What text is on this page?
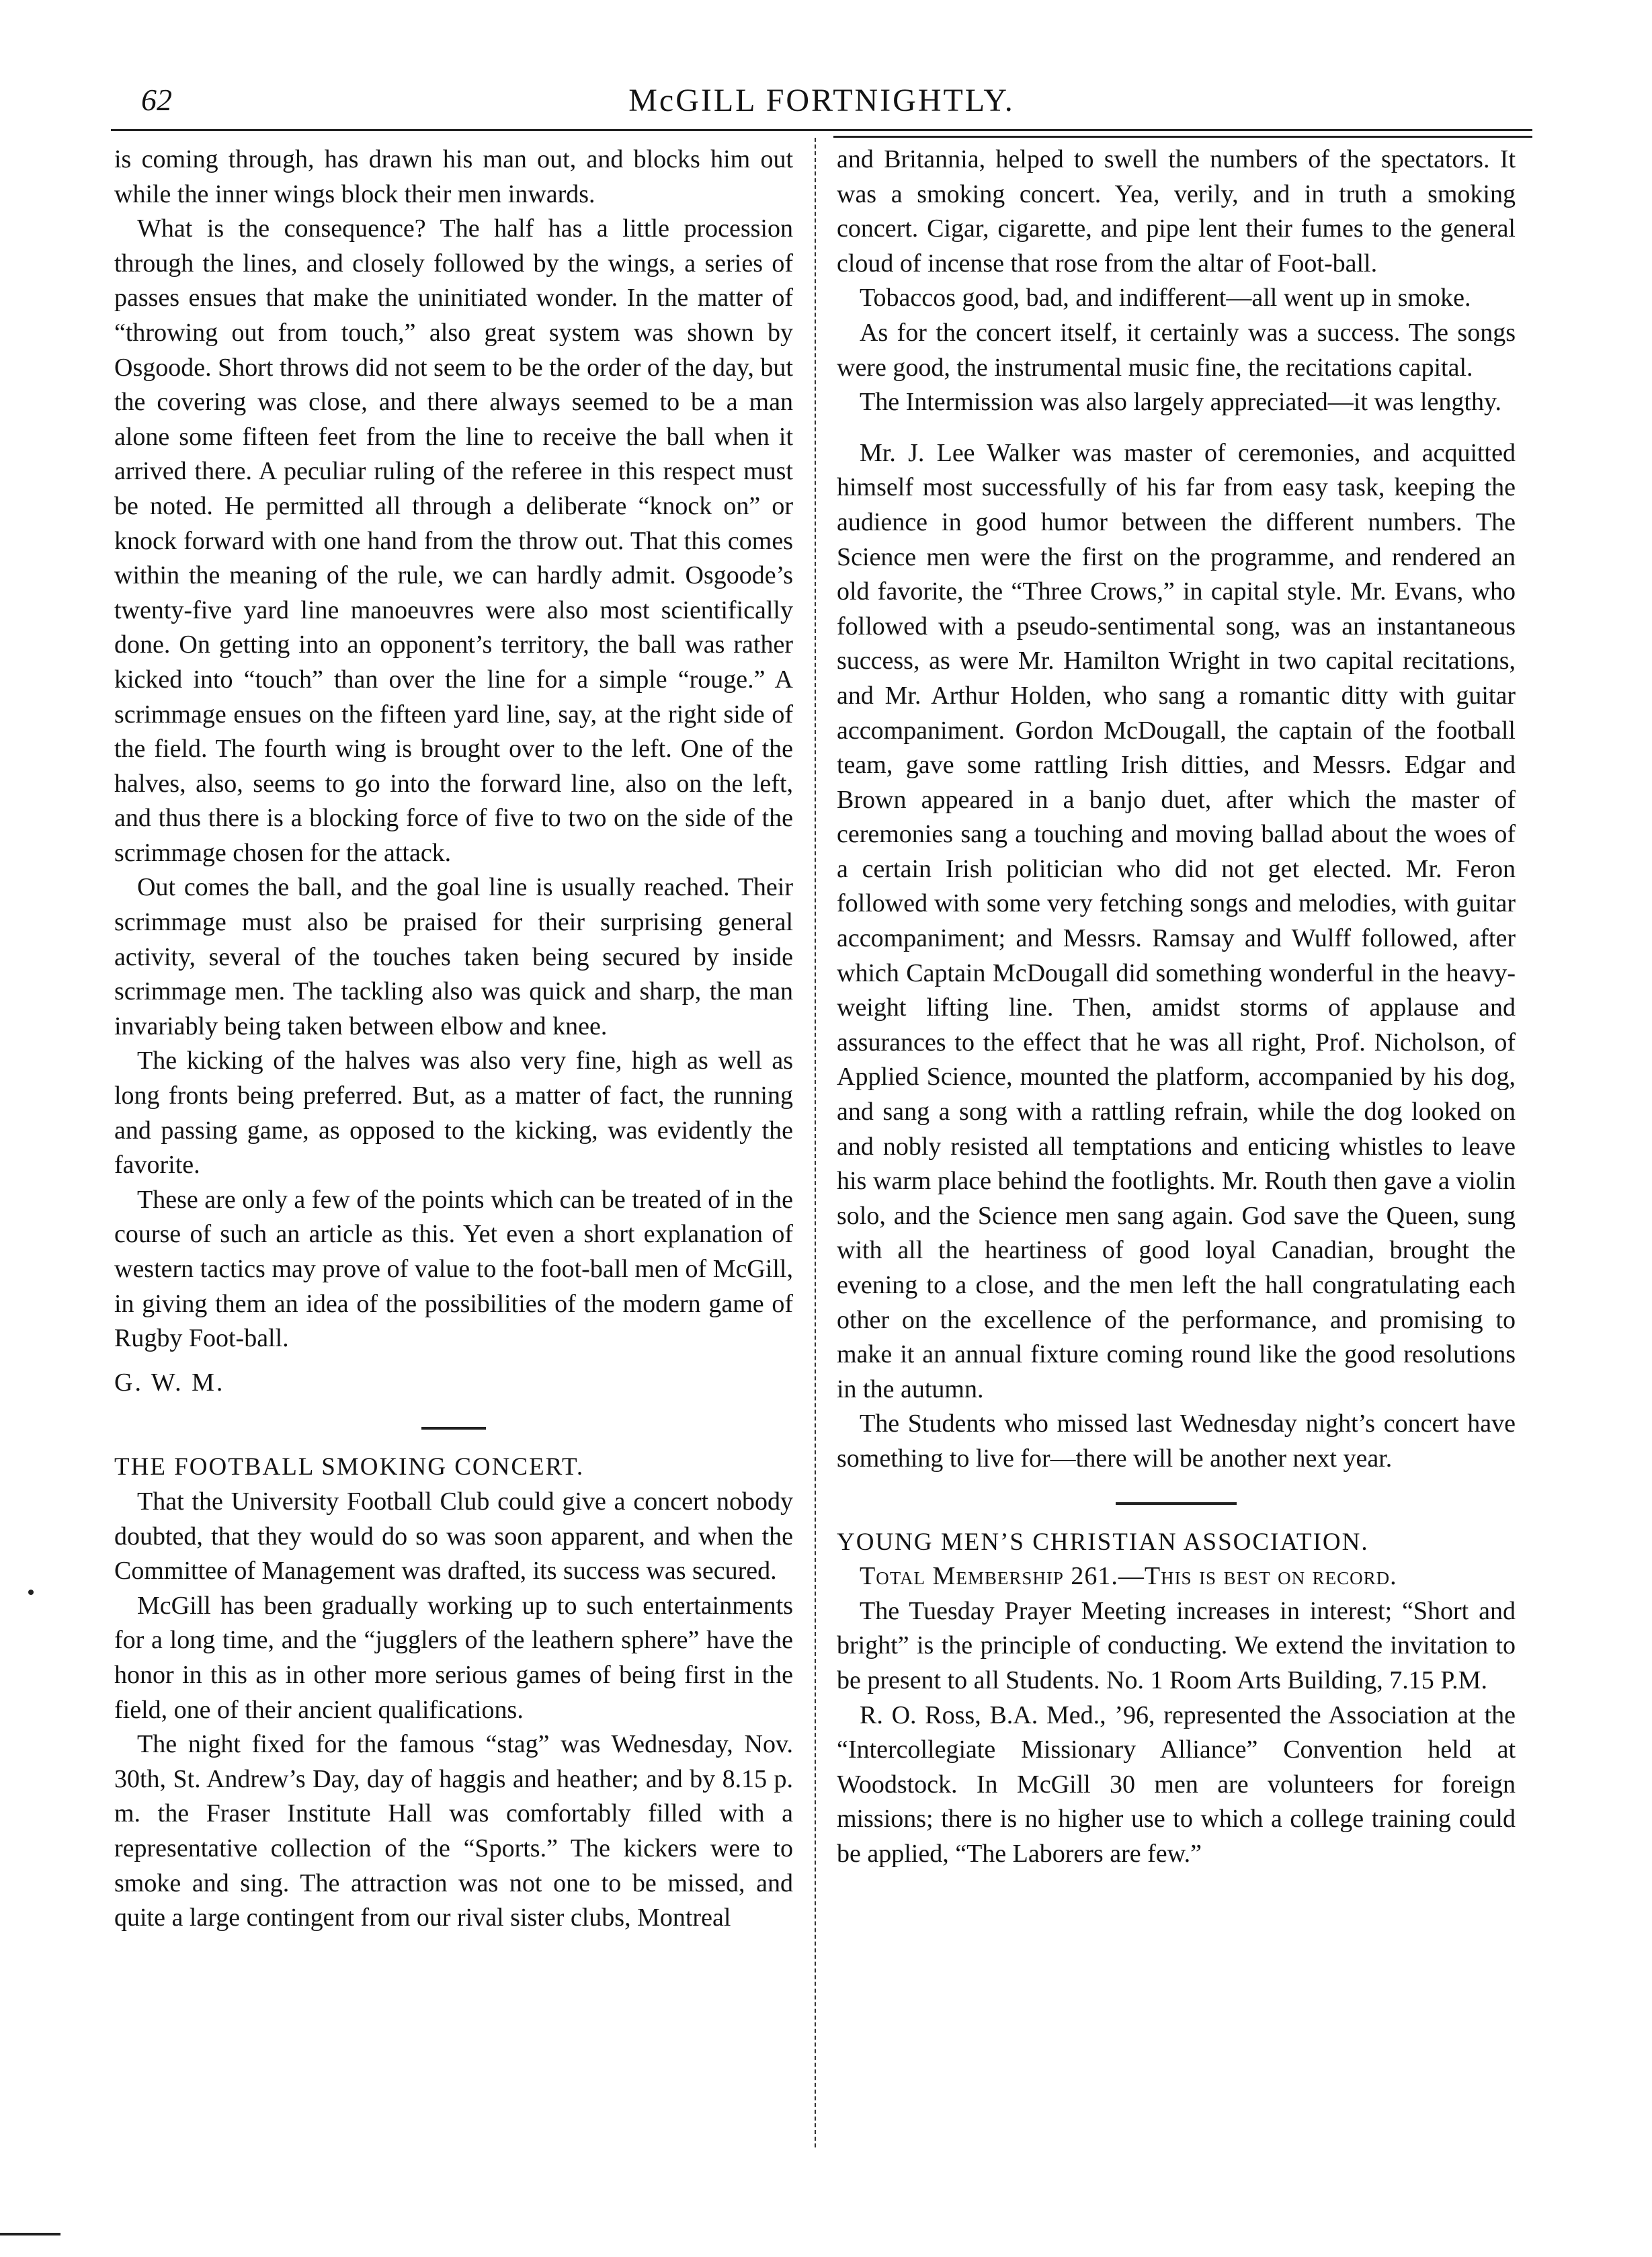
62	McGILL FORTNIGHTLY.

is coming through, has drawn his man out, and blocks him out while the inner wings block their men inwards.

What is the consequence? The half has a little procession through the lines, and closely followed by the wings, a series of passes ensues that make the uninitiated wonder. In the matter of “throwing out from touch,” also great system was shown by Osgoode. Short throws did not seem to be the order of the day, but the covering was close, and there always seemed to be a man alone some fifteen feet from the line to receive the ball when it arrived there. A peculiar ruling of the referee in this respect must be noted. He permitted all through a deliberate “knock on” or knock forward with one hand from the throw out. That this comes within the meaning of the rule, we can hardly admit. Osgoode’s twenty-five yard line manoeuvres were also most scientifically done. On getting into an opponent’s territory, the ball was rather kicked into “touch” than over the line for a simple “rouge.” A scrimmage ensues on the fifteen yard line, say, at the right side of the field. The fourth wing is brought over to the left. One of the halves, also, seems to go into the forward line, also on the left, and thus there is a blocking force of five to two on the side of the scrimmage chosen for the attack.

Out comes the ball, and the goal line is usually reached. Their scrimmage must also be praised for their surprising general activity, several of the touches taken being secured by inside scrimmage men. The tackling also was quick and sharp, the man invariably being taken between elbow and knee.

The kicking of the halves was also very fine, high as well as long fronts being preferred. But, as a matter of fact, the running and passing game, as opposed to the kicking, was evidently the favorite.

These are only a few of the points which can be treated of in the course of such an article as this. Yet even a short explanation of western tactics may prove of value to the foot-ball men of McGill, in giving them an idea of the possibilities of the modern game of Rugby Foot-ball.

G. W. M.

THE FOOTBALL SMOKING CONCERT.

That the University Football Club could give a concert nobody doubted, that they would do so was soon apparent, and when the Committee of Management was drafted, its success was secured.

McGill has been gradually working up to such entertainments for a long time, and the “jugglers of the leathern sphere” have the honor in this as in other more serious games of being first in the field, one of their ancient qualifications.

The night fixed for the famous “stag” was Wednesday, Nov. 30th, St. Andrew’s Day, day of haggis and heather; and by 8.15 p. m. the Fraser Institute Hall was comfortably filled with a representative collection of the “Sports.” The kickers were to smoke and sing. The attraction was not one to be missed, and quite a large contingent from our rival sister clubs, Montreal

and Britannia, helped to swell the numbers of the spectators. It was a smoking concert. Yea, verily, and in truth a smoking concert. Cigar, cigarette, and pipe lent their fumes to the general cloud of incense that rose from the altar of Foot-ball.

Tobaccos good, bad, and indifferent—all went up in smoke.

As for the concert itself, it certainly was a success. The songs were good, the instrumental music fine, the recitations capital.

The Intermission was also largely appreciated—it was lengthy.

Mr. J. Lee Walker was master of ceremonies, and acquitted himself most successfully of his far from easy task, keeping the audience in good humor between the different numbers. The Science men were the first on the programme, and rendered an old favorite, the “Three Crows,” in capital style. Mr. Evans, who followed with a pseudo-sentimental song, was an instantaneous success, as were Mr. Hamilton Wright in two capital recitations, and Mr. Arthur Holden, who sang a romantic ditty with guitar accompaniment. Gordon McDougall, the captain of the football team, gave some rattling Irish ditties, and Messrs. Edgar and Brown appeared in a banjo duet, after which the master of ceremonies sang a touching and moving ballad about the woes of a certain Irish politician who did not get elected. Mr. Feron followed with some very fetching songs and melodies, with guitar accompaniment; and Messrs. Ramsay and Wulff followed, after which Captain McDougall did something wonderful in the heavy-weight lifting line. Then, amidst storms of applause and assurances to the effect that he was all right, Prof. Nicholson, of Applied Science, mounted the platform, accompanied by his dog, and sang a song with a rattling refrain, while the dog looked on and nobly resisted all temptations and enticing whistles to leave his warm place behind the footlights. Mr. Routh then gave a violin solo, and the Science men sang again. God save the Queen, sung with all the heartiness of good loyal Canadian, brought the evening to a close, and the men left the hall congratulating each other on the excellence of the performance, and promising to make it an annual fixture coming round like the good resolutions in the autumn.

The Students who missed last Wednesday night’s concert have something to live for—there will be another next year.

YOUNG MEN’S CHRISTIAN ASSOCIATION.

Total Membership 261.—This is best on record.

The Tuesday Prayer Meeting increases in interest; “Short and bright” is the principle of conducting. We extend the invitation to be present to all Students. No. 1 Room Arts Building, 7.15 P.M.

R. O. Ross, B.A. Med., ’96, represented the Association at the “Intercollegiate Missionary Alliance” Convention held at Woodstock. In McGill 30 men are volunteers for foreign missions; there is no higher use to which a college training could be applied, “The Laborers are few.”
